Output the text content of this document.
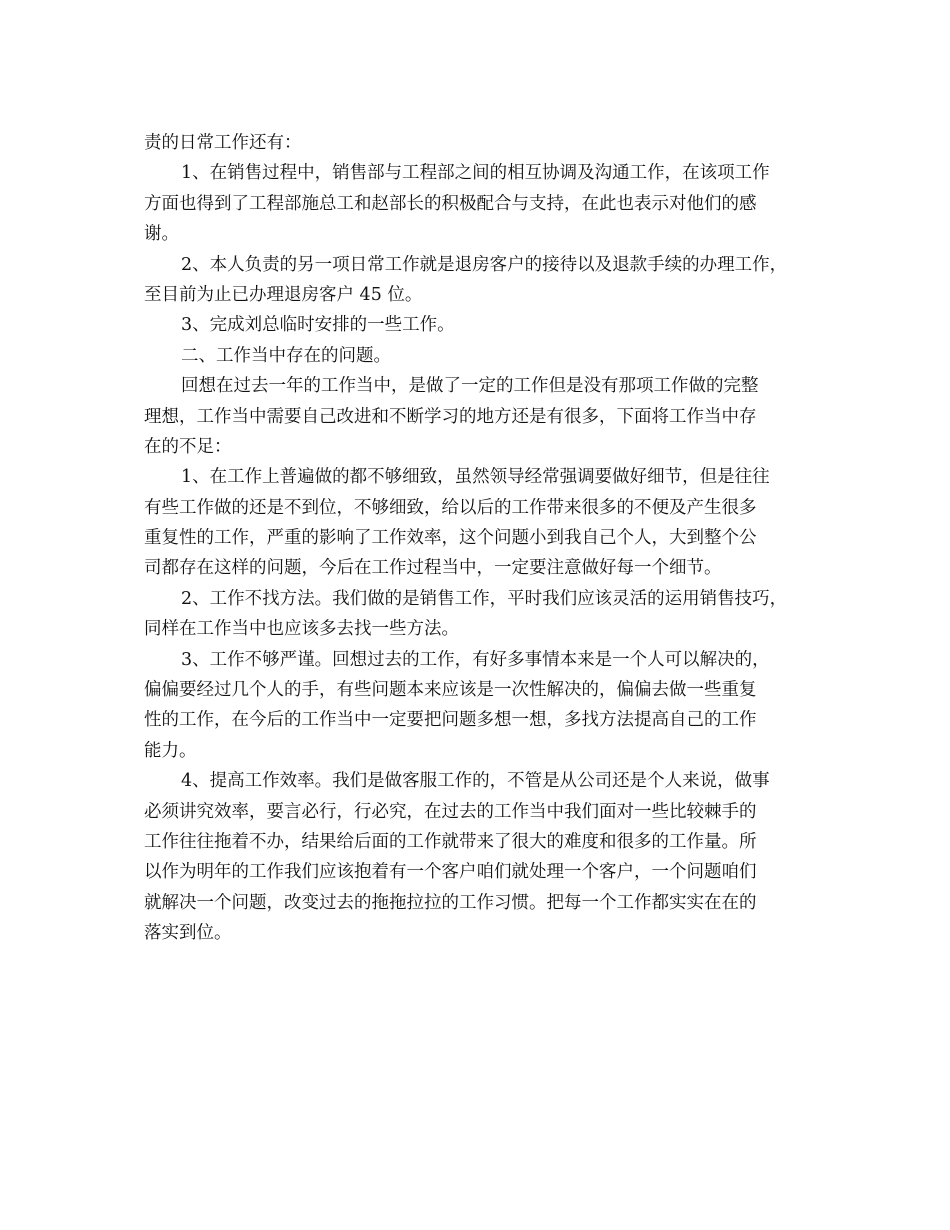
责的日常工作还有：
1、在销售过程中，销售部与工程部之间的相互协调及沟通工作，在该项工作
方面也得到了工程部施总工和赵部长的积极配合与支持，在此也表示对他们的感
谢。
2、本人负责的另一项日常工作就是退房客户的接待以及退款手续的办理工作，
至目前为止已办理退房客户 45 位。
3、完成刘总临时安排的一些工作。
二、工作当中存在的问题。
回想在过去一年的工作当中，是做了一定的工作但是没有那项工作做的完整
理想，工作当中需要自己改进和不断学习的地方还是有很多，下面将工作当中存
在的不足：
1、在工作上普遍做的都不够细致，虽然领导经常强调要做好细节，但是往往
有些工作做的还是不到位，不够细致，给以后的工作带来很多的不便及产生很多
重复性的工作，严重的影响了工作效率，这个问题小到我自己个人，大到整个公
司都存在这样的问题，今后在工作过程当中，一定要注意做好每一个细节。
2、工作不找方法。我们做的是销售工作，平时我们应该灵活的运用销售技巧，
同样在工作当中也应该多去找一些方法。
3、工作不够严谨。回想过去的工作，有好多事情本来是一个人可以解决的，
偏偏要经过几个人的手，有些问题本来应该是一次性解决的，偏偏去做一些重复
性的工作，在今后的工作当中一定要把问题多想一想，多找方法提高自己的工作
能力。
4、提高工作效率。我们是做客服工作的，不管是从公司还是个人来说，做事
必须讲究效率，要言必行，行必究，在过去的工作当中我们面对一些比较棘手的
工作往往拖着不办，结果给后面的工作就带来了很大的难度和很多的工作量。所
以作为明年的工作我们应该抱着有一个客户咱们就处理一个客户，一个问题咱们
就解决一个问题，改变过去的拖拖拉拉的工作习惯。把每一个工作都实实在在的
落实到位。
